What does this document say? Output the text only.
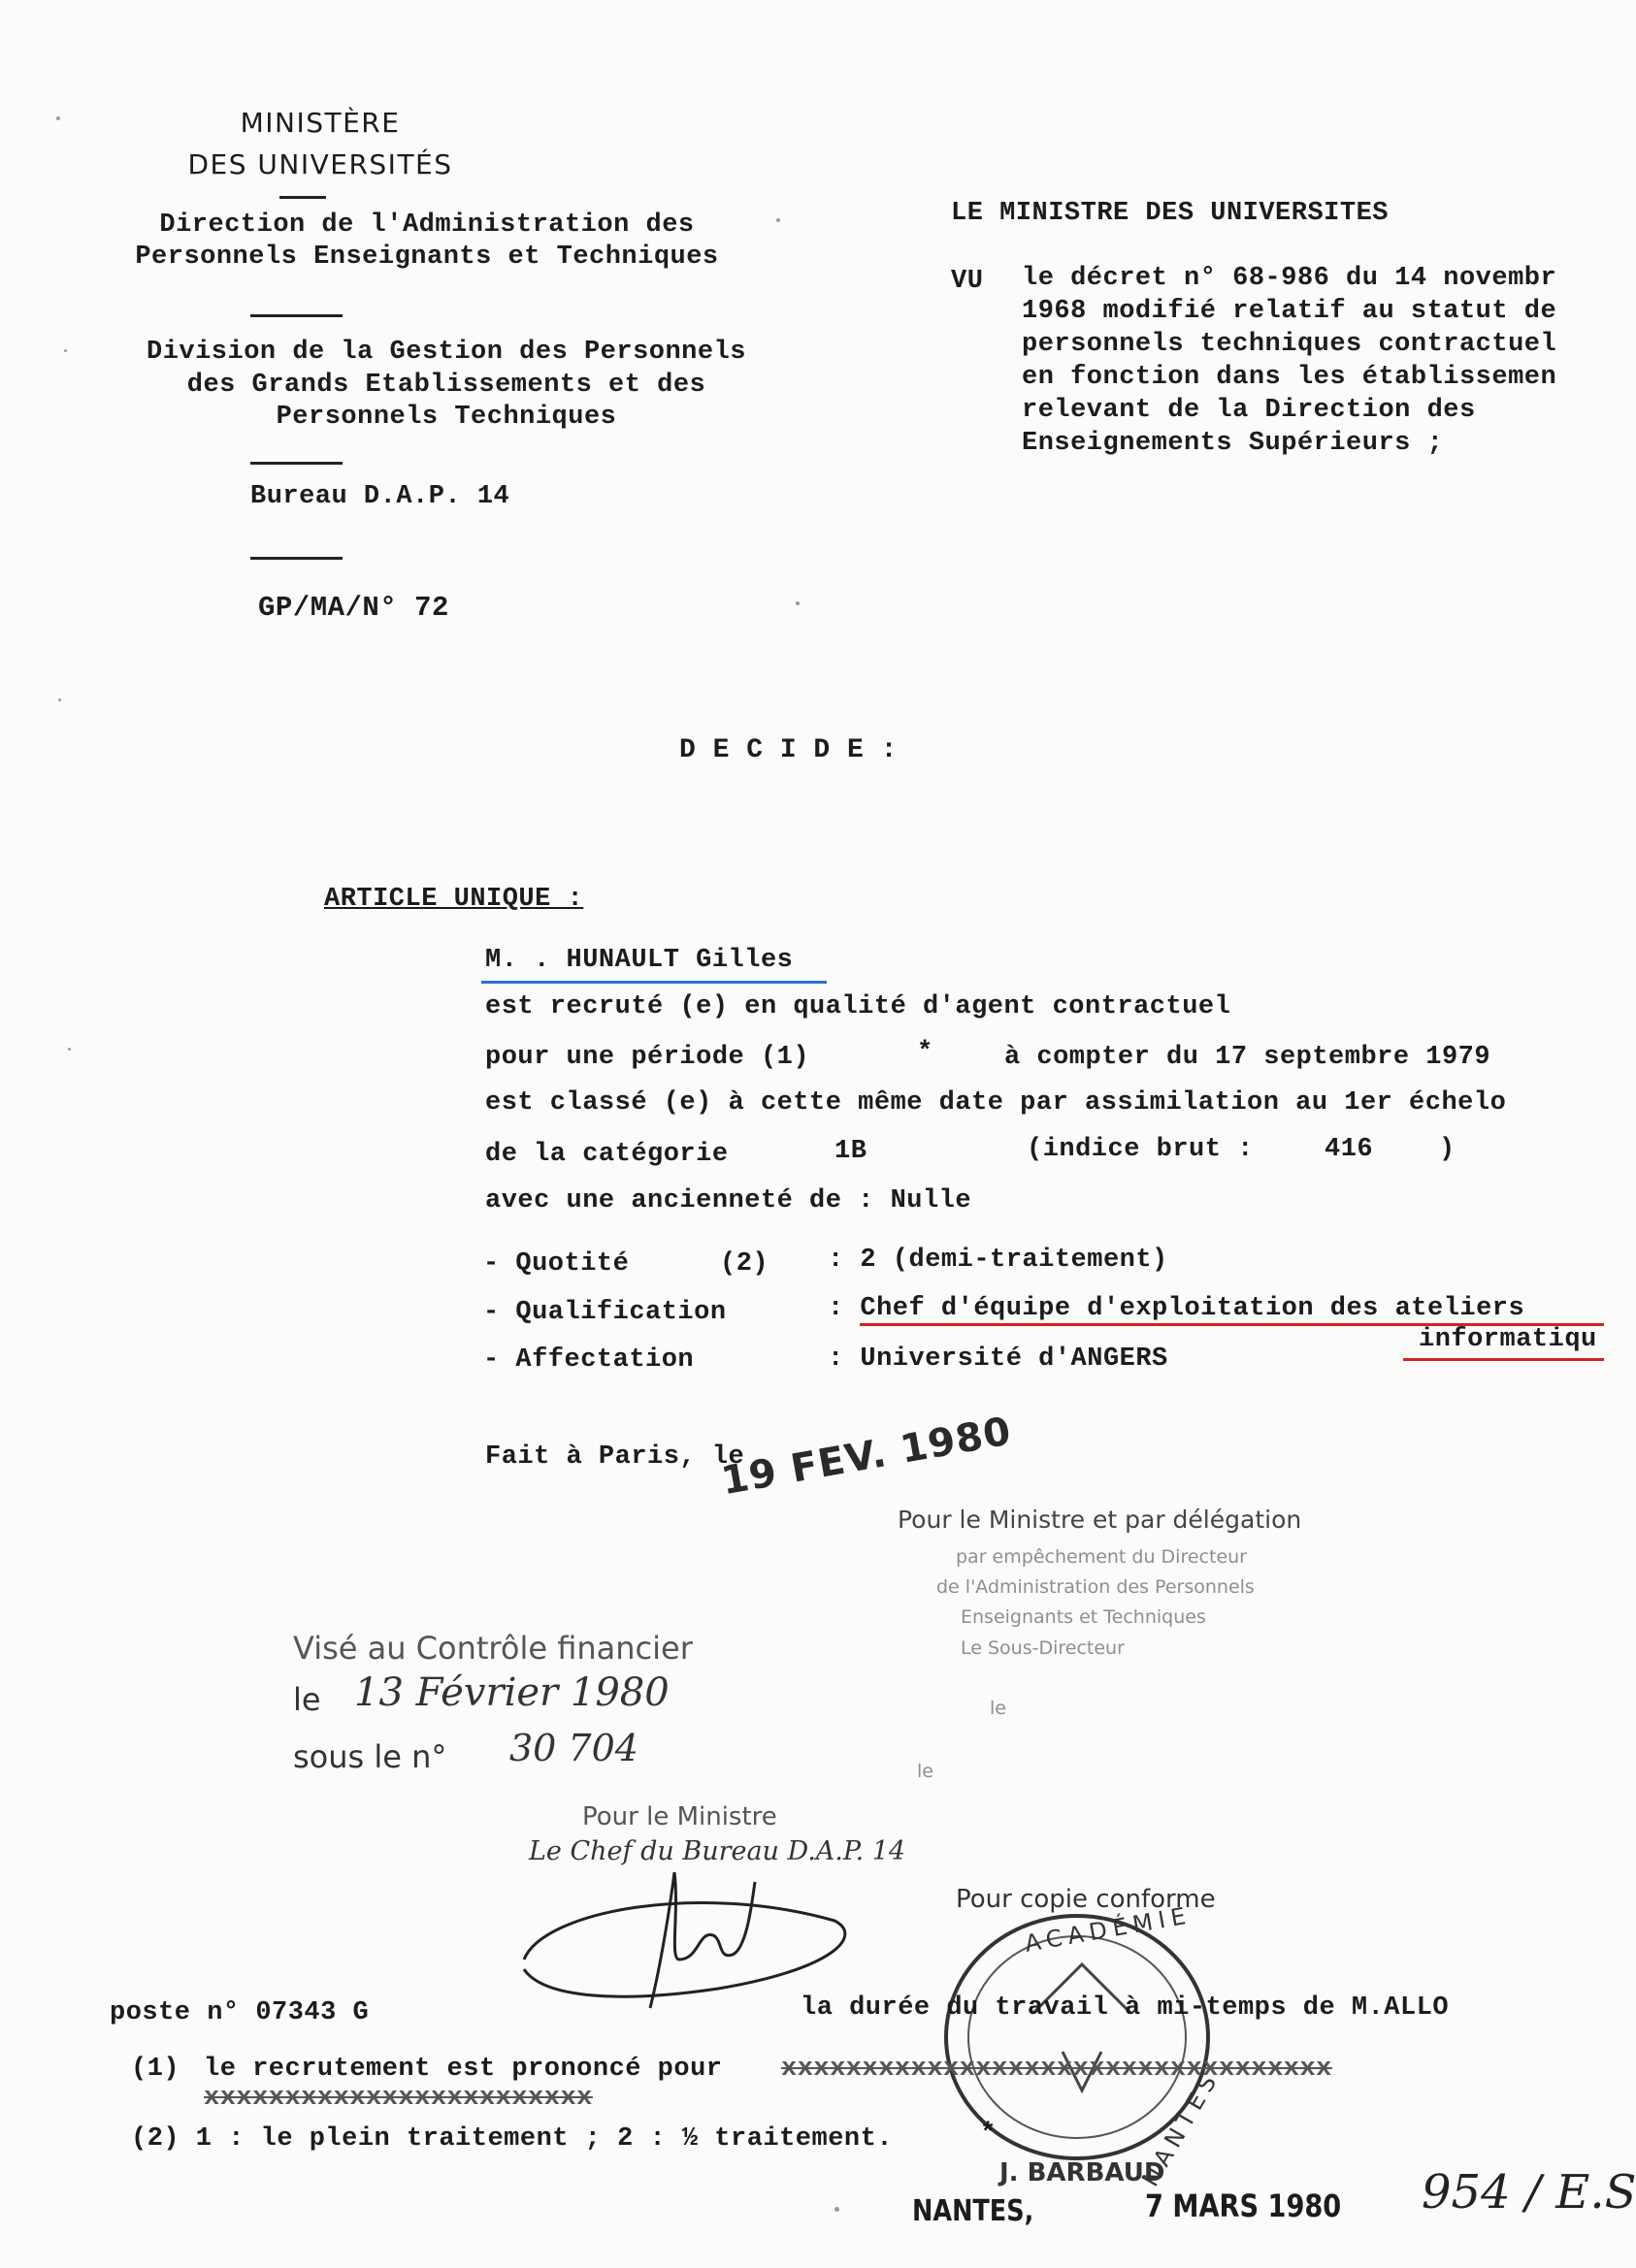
MINISTÈRE
DES UNIVERSITÉS
Direction de l'Administration des
Personnels Enseignants et Techniques
Division de la Gestion des Personnels
des Grands Etablissements et des
Personnels Techniques
Bureau D.A.P. 14
GP/MA/N° 72
LE MINISTRE DES UNIVERSITES
VU le décret n° 68-986 du 14 novembr
1968 modifié relatif au statut de
personnels techniques contractuel
en fonction dans les établissemen
relevant de la Direction des
Enseignements Supérieurs ;
D E C I D E :
ARTICLE UNIQUE :
M. . HUNAULT Gilles
est recruté (e) en qualité d'agent contractuel
pour une période (1)	*	à compter du 17 septembre 1979
est classé (e) à cette même date par assimilation au 1er échelo
de la catégorie	1B	(indice brut :	416	)
avec une ancienneté de : Nulle
- Quotité	(2) : 2 (demi-traitement)
- Qualification	: Chef d'équipe d'exploitation des ateliers
informatiqu
- Affectation	: Université d'ANGERS
Fait à Paris, le
19 FEV. 1980
Pour le Ministre et par délégation
par empêchement du Directeur
de l'Administration des Personnels
Enseignants et Techniques
Le Sous-Directeur
le
le
Visé au Contrôle financier
le 13 Février 1980
sous le n° 30 704
Pour le Ministre
Le Chef du Bureau D.A.P. 14
Pour copie conforme
ACADÉMIE
NANTES
poste n° 07343 G	la durée du travail à mi-temps de M.ALLO
(1) le recrutement est prononcé pour xxxxxxxxxxxxxxxxxxxxxxxxxxxxxxxxxx
xxxxxxxxxxxxxxxxxxxxxxxx
(2) 1 : le plein traitement ; 2 : ½ traitement.	*
J. BARBAUD
NANTES,	7 MARS 1980 954 / E.S
